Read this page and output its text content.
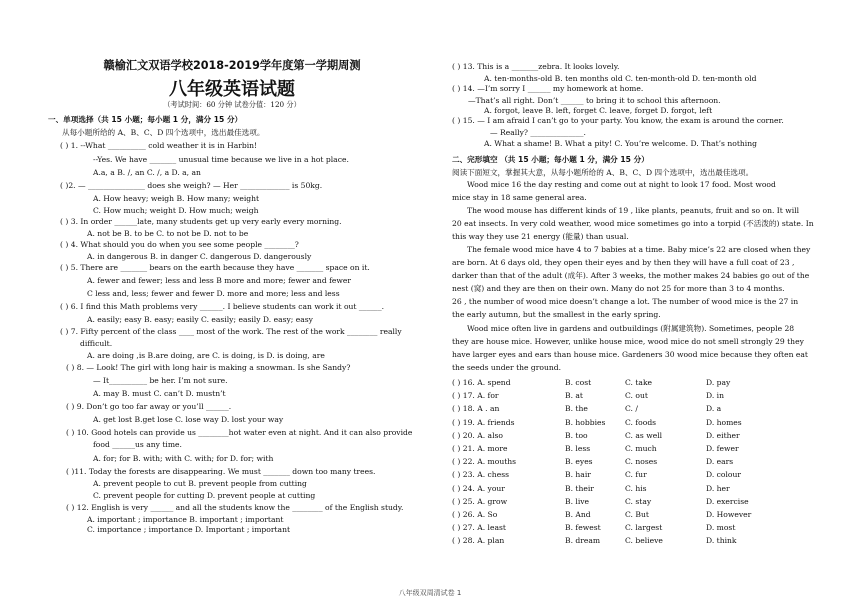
赣榆汇文双语学校2018-2019学年度第一学期周测
八年级英语试题
（考试时间：60 分钟 试卷分值：120 分）
一、单项选择（共 15 小题；每小题 1 分，满分 15 分）
从每小题所给的 A、B、C、D 四个选项中，选出最佳选项。
( ) 1. --What __________ cold weather it is in Harbin!
--Yes. We have _______ unusual time because we live in a hot place.
A.a, a B. /, an C. /, a D. a, an
( )2. — _______________ does she weigh? — Her _____________ is 50kg.
A. How heavy; weigh B. How many; weight
C. How much; weight D. How much; weigh
( ) 3. In order ______late, many students get up very early every morning.
A. not be B. to be C. to not be D. not to be
( ) 4. What should you do when you see some people ________?
A. in dangerous B. in danger C. dangerous D. dangerously
( ) 5. There are _______ bears on the earth because they have _______ space on it.
A. fewer and fewer; less and less B more and more; fewer and fewer
C less and, less; fewer and fewer D. more and more; less and less
( ) 6. I find this Math problems very ______. I believe students can work it out ______.
A. easily; easy B. easy; easily C. easily; easily D. easy; easy
( ) 7. Fifty percent of the class ____ most of the work. The rest of the work ________ really
difficult.
A. are doing ,is B.are doing, are C. is doing, is D. is doing, are
( ) 8. — Look! The girl with long hair is making a snowman. Is she Sandy?
— It__________ be her. I’m not sure.
A. may B. must C. can’t D. mustn’t
( ) 9. Don’t go too far away or you’ll ______.
A. get lost B.get lose C. lose way D. lost your way
( ) 10. Good hotels can provide us ________hot water even at night. And it can also provide
food ______us any time.
A. for; for B. with; with C. with; for D. for; with
( )11. Today the forests are disappearing. We must _______ down too many trees.
A. prevent people to cut B. prevent people from cutting
C. prevent people for cutting D. prevent people at cutting
( ) 12. English is very ______ and all the students know the ________ of the English study.
A. important ; importance B. important ; important
C. importance ; importance D. Important ; important
( ) 13. This is a _______zebra. It looks lovely.
A. ten-months-old B. ten months old C. ten-month-old D. ten-month old
( ) 14. —I’m sorry I ______ my homework at home.
—That’s all right. Don’t ______ to bring it to school this afternoon.
A. forgot, leave B. left, forget C. leave, forget D. forgot, left
( ) 15. — I am afraid I can’t go to your party. You know, the exam is around the corner.
— Really? ______________.
A. What a shame! B. What a pity! C. You’re welcome. D. That’s nothing
二、完形填空 （共 15 小题；每小题 1 分，满分 15 分）
阅读下面短文，掌握其大意，从每小题所给的 A、B、C、D 四个选项中，选出最佳选项。
Wood mice 16 the day resting and come out at night to look 17 food. Most wood
mice stay in 18 same general area.
The wood mouse has different kinds of 19 , like plants, peanuts, fruit and so on. It will
20 eat insects. In very cold weather, wood mice sometimes go into a torpid (不活泼的) state. In
this way they use 21 energy (能量) than usual.
The female wood mice have 4 to 7 babies at a time. Baby mice’s 22 are closed when they
are born. At 6 days old, they open their eyes and by then they will have a full coat of 23 ,
darker than that of the adult (成年). After 3 weeks, the mother makes 24 babies go out of the
nest (窝) and they are then on their own. Many do not 25 for more than 3 to 4 months.
26 , the number of wood mice doesn’t change a lot. The number of wood mice is the 27 in
the early autumn, but the smallest in the early spring.
Wood mice often live in gardens and outbuildings (附属建筑物). Sometimes, people 28
they are house mice. However, unlike house mice, wood mice do not smell strongly 29 they
have larger eyes and ears than house mice. Gardeners 30 wood mice because they often eat
the seeds under the ground.
( ) 16. A. spend	B. cost	C. take	D. pay
( ) 17. A. for	B. at	C. out	D. in
( ) 18. A . an	B. the	C. /	D. a
( ) 19. A. friends	B. hobbies	C. foods	D. homes
( ) 20. A. also	B. too	C. as well	D. either
( ) 21. A. more	B. less	C. much	D. fewer
( ) 22. A. mouths	B. eyes	C. noses	D. ears
( ) 23. A. chess	B. hair	C. fur	D. colour
( ) 24. A. your	B. their	C. his	D. her
( ) 25. A. grow	B. live	C. stay	D. exercise
( ) 26. A. So	B. And	C. But	D. However
( ) 27. A. least	B. fewest	C. largest	D. most
( ) 28. A. plan	B. dream	C. believe	D. think
八年级双周清试卷 1
